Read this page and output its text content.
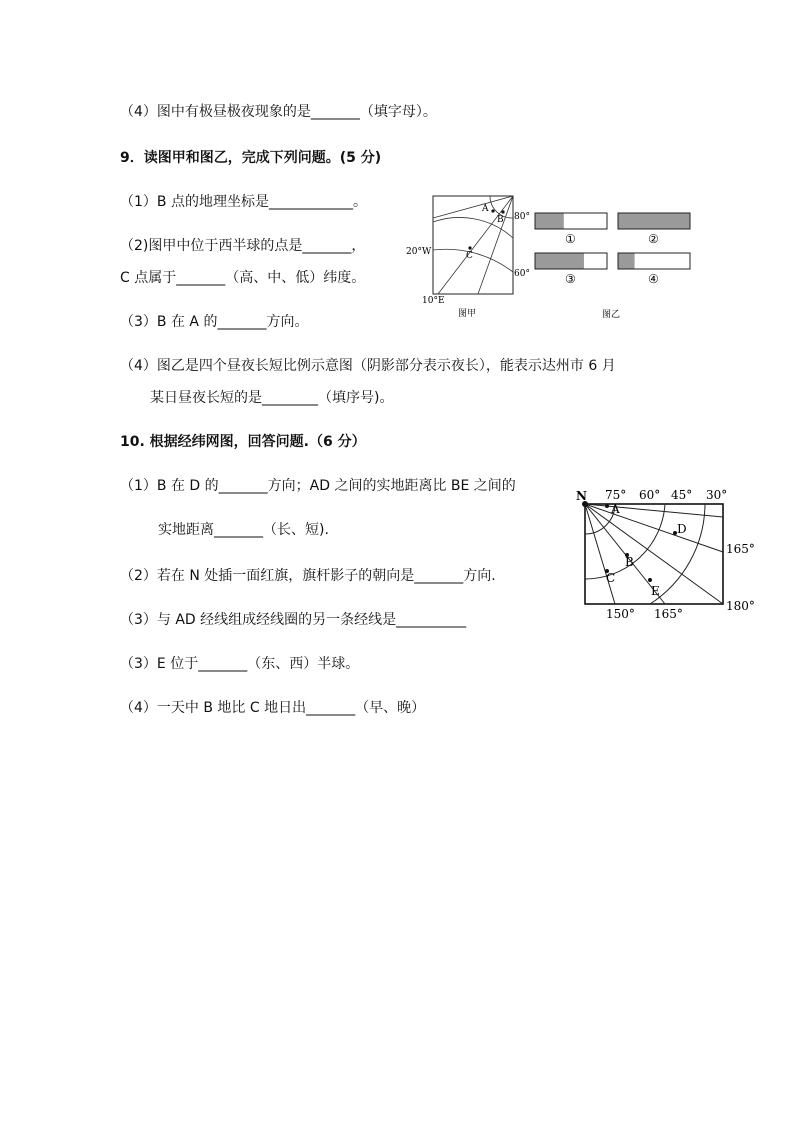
（4）图中有极昼极夜现象的是_______（填字母）。
9．读图甲和图乙，完成下列问题。(5 分)
（1）B 点的地理坐标是____________。
（2)图甲中位于西半球的点是_______，
C 点属于_______（高、中、低）纬度。
（3）B 在 A 的_______方向。
（4）图乙是四个昼夜长短比例示意图（阴影部分表示夜长），能表示达州市 6 月
某日昼夜长短的是________（填序号)。
A
B
C
80°
60°
20°W
10°E
图甲
①	②
③	④
图乙
10. 根据经纬网图，回答问题.（6 分）
（1）B 在 D 的_______方向；AD 之间的实地距离比 BE 之间的
实地距离_______（长、短).
（2）若在 N 处插一面红旗，旗杆影子的朝向是_______方向.
（3）与 AD 经线组成经线圈的另一条经线是__________
（3）E 位于_______（东、西）半球。
（4）一天中 B 地比 C 地日出_______（早、晚）
N
A
B
C
D
E
75° 60° 45° 30°
165°
180°
150° 165°
